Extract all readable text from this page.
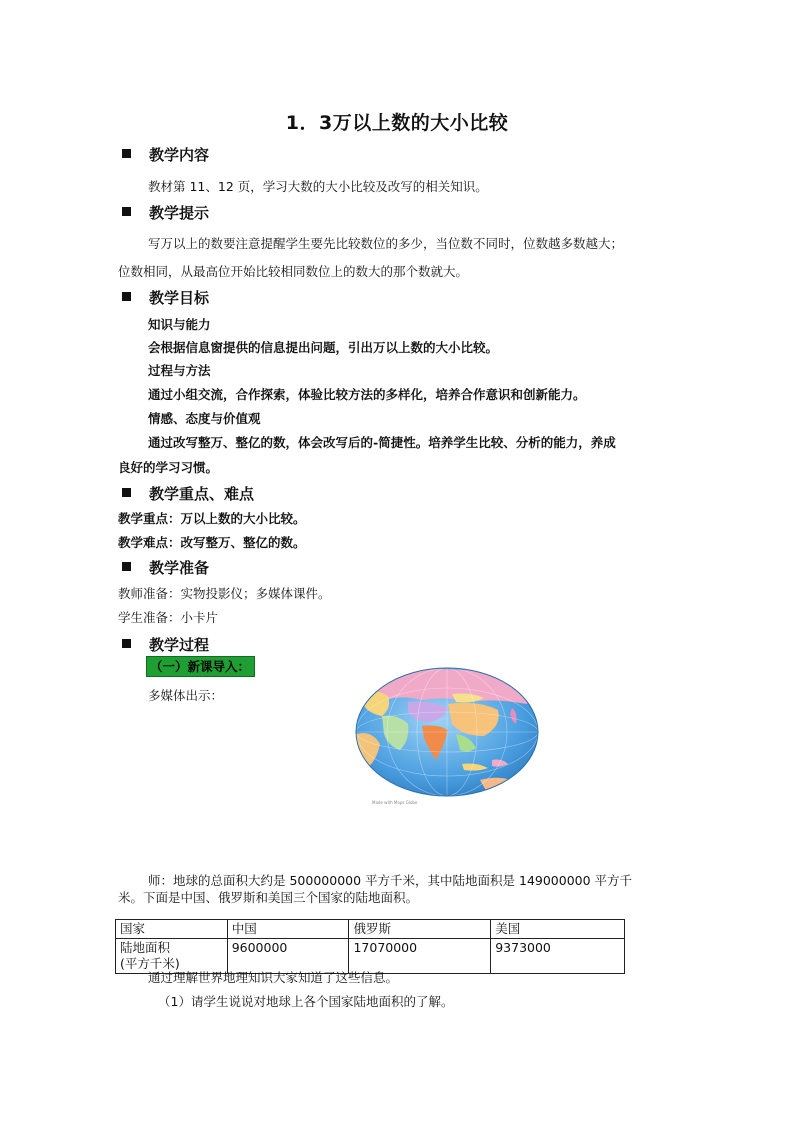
1．3万以上数的大小比较
教学内容
教材第 11、12 页，学习大数的大小比较及改写的相关知识。
教学提示
写万以上的数要注意提醒学生要先比较数位的多少，当位数不同时，位数越多数越大；
位数相同，从最高位开始比较相同数位上的数大的那个数就大。
教学目标
知识与能力
会根据信息窗提供的信息提出问题，引出万以上数的大小比较。
过程与方法
通过小组交流，合作探索，体验比较方法的多样化，培养合作意识和创新能力。
情感、态度与价值观
通过改写整万、整亿的数，体会改写后的-简捷性。培养学生比较、分析的能力，养成
良好的学习习惯。
教学重点、难点
教学重点：万以上数的大小比较。
教学难点：改写整万、整亿的数。
教学准备
教师准备：实物投影仪；多媒体课件。
学生准备：小卡片
教学过程
（一）新课导入：
多媒体出示：
Made with Maps Globe
师：地球的总面积大约是 500000000 平方千米，其中陆地面积是 149000000 平方千
米。下面是中国、俄罗斯和美国三个国家的陆地面积。
国家	中国	俄罗斯	美国

陆地面积
(平方千米)	9600000	17070000	9373000
通过理解世界地理知识大家知道了这些信息。
（1）请学生说说对地球上各个国家陆地面积的了解。
